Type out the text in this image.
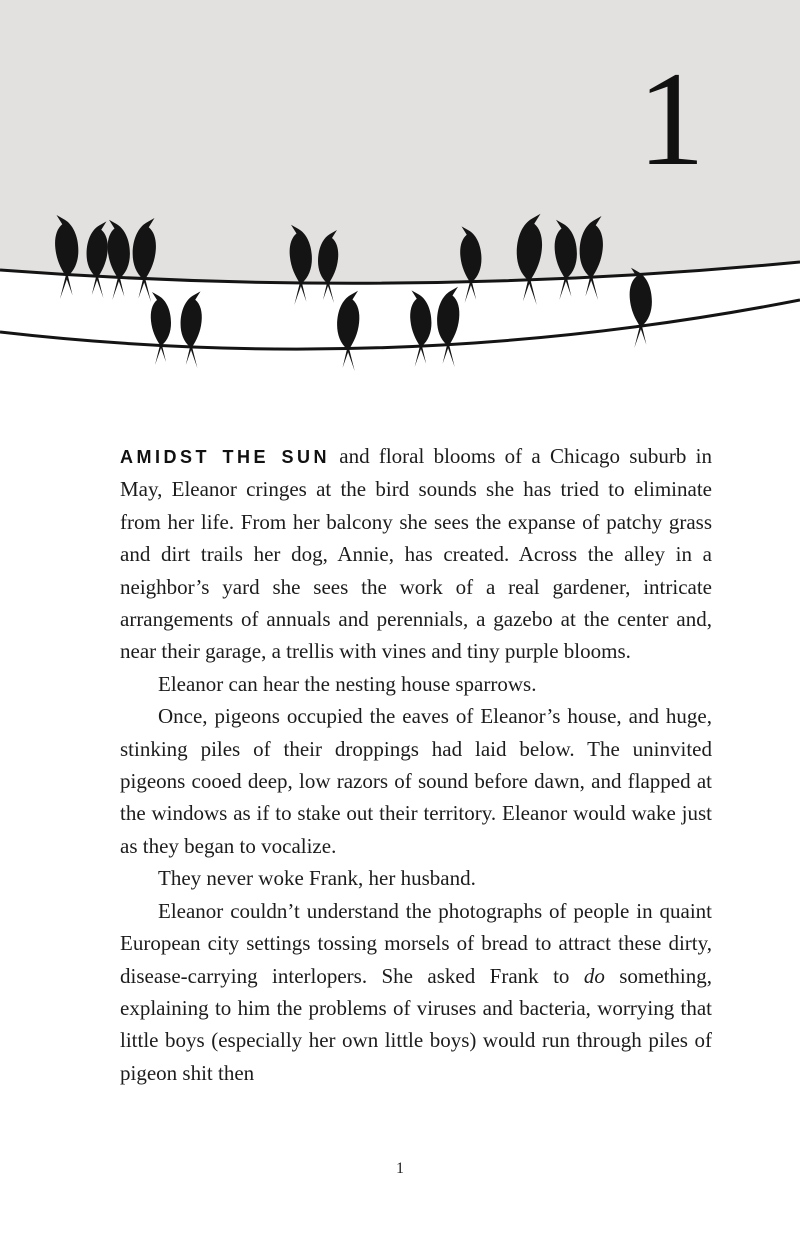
1

AMIDST THE SUN and floral blooms of a Chicago suburb in May, Eleanor cringes at the bird sounds she has tried to eliminate from her life. From her balcony she sees the expanse of patchy grass and dirt trails her dog, Annie, has created. Across the alley in a neighbor’s yard she sees the work of a real gardener, intricate arrangements of annuals and perennials, a gazebo at the center and, near their garage, a trellis with vines and tiny purple blooms.

Eleanor can hear the nesting house sparrows.

Once, pigeons occupied the eaves of Eleanor’s house, and huge, stinking piles of their droppings had laid below. The uninvited pigeons cooed deep, low razors of sound before dawn, and flapped at the windows as if to stake out their territory. Eleanor would wake just as they began to vocalize.

They never woke Frank, her husband.

Eleanor couldn’t understand the photographs of people in quaint European city settings tossing morsels of bread to attract these dirty, disease-carrying interlopers. She asked Frank to do something, explaining to him the problems of viruses and bacteria, worrying that little boys (especially her own little boys) would run through piles of pigeon shit then

1
